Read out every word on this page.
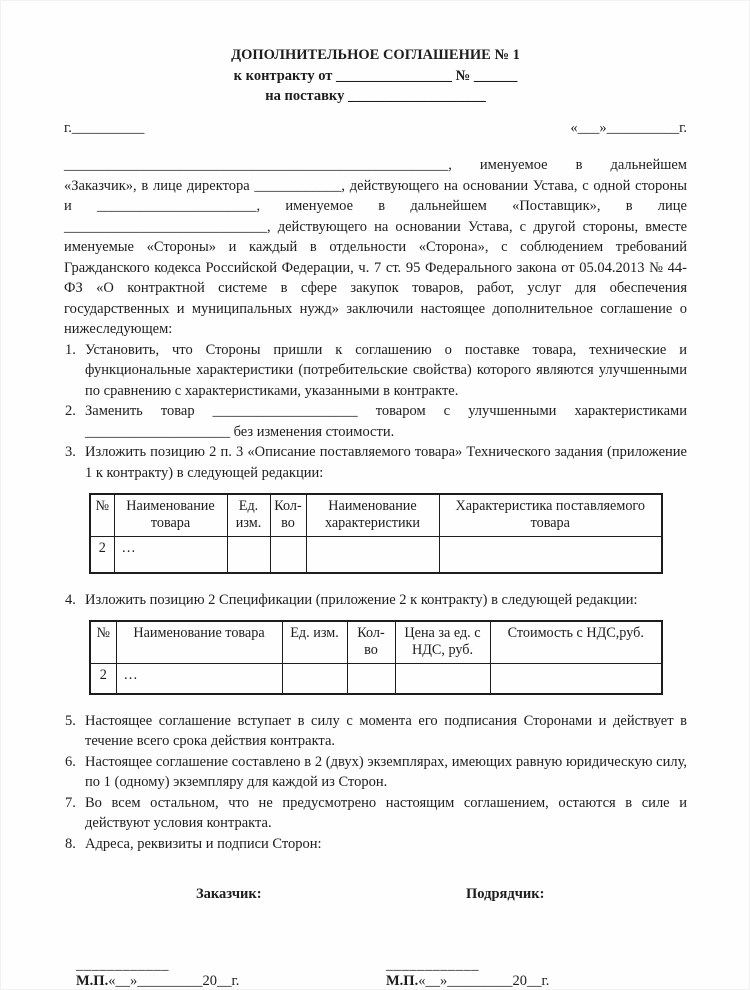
ДОПОЛНИТЕЛЬНОЕ СОГЛАШЕНИЕ № 1
к контракту от ________________ № ______
на поставку ___________________
г.__________	«___»__________г.
_____________________________________________________, именуемое в дальнейшем «Заказчик», в лице директора ____________, действующего на основании Устава, с одной стороны и ______________________, именуемое в дальнейшем «Поставщик», в лице ____________________________, действующего на основании Устава, с другой стороны, вместе именуемые «Стороны» и каждый в отдельности «Сторона», с соблюдением требований Гражданского кодекса Российской Федерации, ч. 7 ст. 95 Федерального закона от 05.04.2013 № 44-ФЗ «О контрактной системе в сфере закупок товаров, работ, услуг для обеспечения государственных и муниципальных нужд» заключили настоящее дополнительное соглашение о нижеследующем:
1. Установить, что Стороны пришли к соглашению о поставке товара, технические и функциональные характеристики (потребительские свойства) которого являются улучшенными по сравнению с характеристиками, указанными в контракте.
2. Заменить товар ____________________ товаром с улучшенными характеристиками ____________________ без изменения стоимости.
3. Изложить позицию 2 п. 3 «Описание поставляемого товара» Технического задания (приложение 1 к контракту) в следующей редакции:
№	Наименование товара	Ед. изм.	Кол-во	Наименование характеристики	Характеристика поставляемого товара
2	…				
4. Изложить позицию 2 Спецификации (приложение 2 к контракту) в следующей редакции:
№	Наименование товара	Ед. изм.	Кол-во	Цена за ед. с НДС, руб.	Стоимость с НДС,руб.
2	…				
5. Настоящее соглашение вступает в силу с момента его подписания Сторонами и действует в течение всего срока действия контракта.
6. Настоящее соглашение составлено в 2 (двух) экземплярах, имеющих равную юридическую силу, по 1 (одному) экземпляру для каждой из Сторон.
7. Во всем остальном, что не предусмотрено настоящим соглашением, остаются в силе и действуют условия контракта.
8. Адреса, реквизиты и подписи Сторон:
Заказчик:	Подрядчик:
____________
М.П.«__»_________20__г.
____________
М.П.«__»_________20__г.
